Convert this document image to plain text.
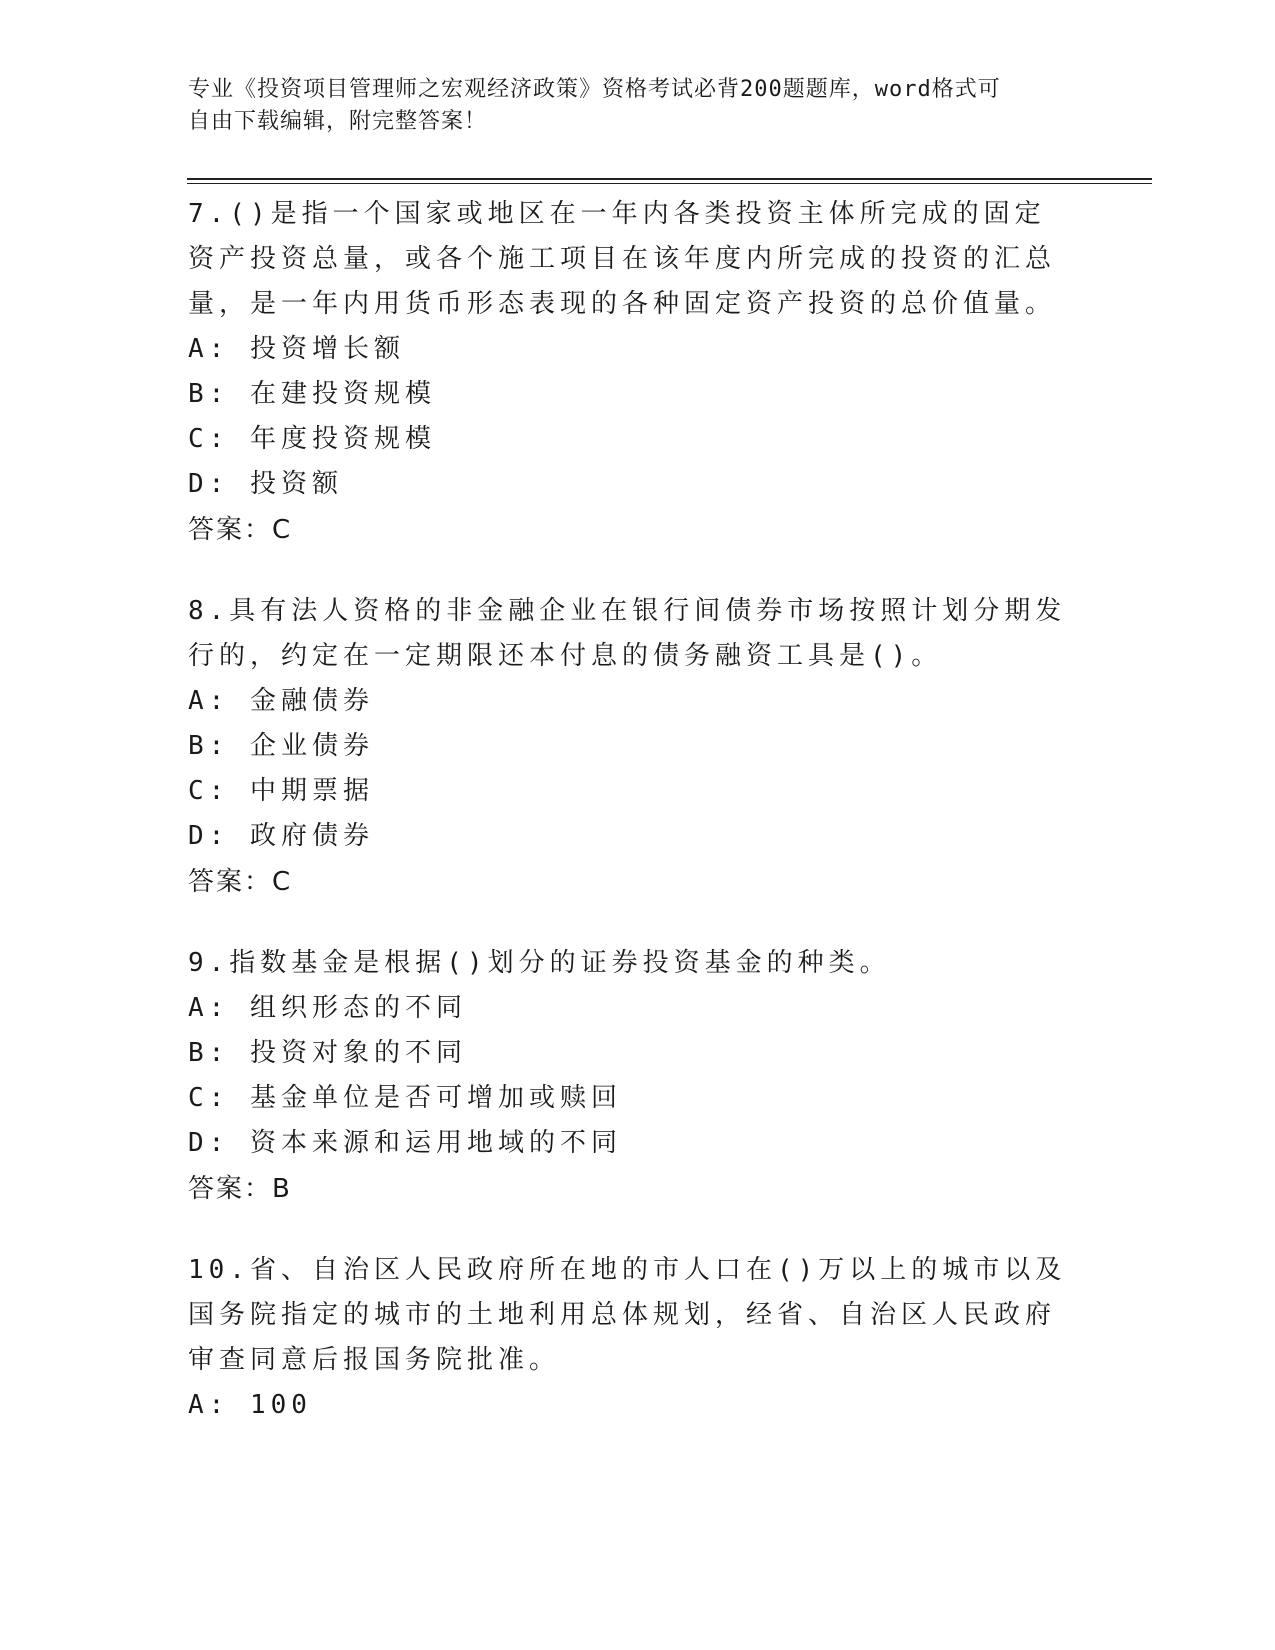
专业《投资项目管理师之宏观经济政策》资格考试必背200题题库，word格式可
自由下载编辑，附完整答案！

7.()是指一个国家或地区在一年内各类投资主体所完成的固定资产投资总量，或各个施工项目在该年度内所完成的投资的汇总量，是一年内用货币形态表现的各种固定资产投资的总价值量。

A: 投资增长额
B: 在建投资规模
C: 年度投资规模
D: 投资额

答案：C

8.具有法人资格的非金融企业在银行间债券市场按照计划分期发行的，约定在一定期限还本付息的债务融资工具是()。

A: 金融债券
B: 企业债券
C: 中期票据
D: 政府债券

答案：C

9.指数基金是根据()划分的证券投资基金的种类。

A: 组织形态的不同
B: 投资对象的不同
C: 基金单位是否可增加或赎回
D: 资本来源和运用地域的不同

答案：B

10.省、自治区人民政府所在地的市人口在()万以上的城市以及国务院指定的城市的土地利用总体规划，经省、自治区人民政府审查同意后报国务院批准。

A: 100
